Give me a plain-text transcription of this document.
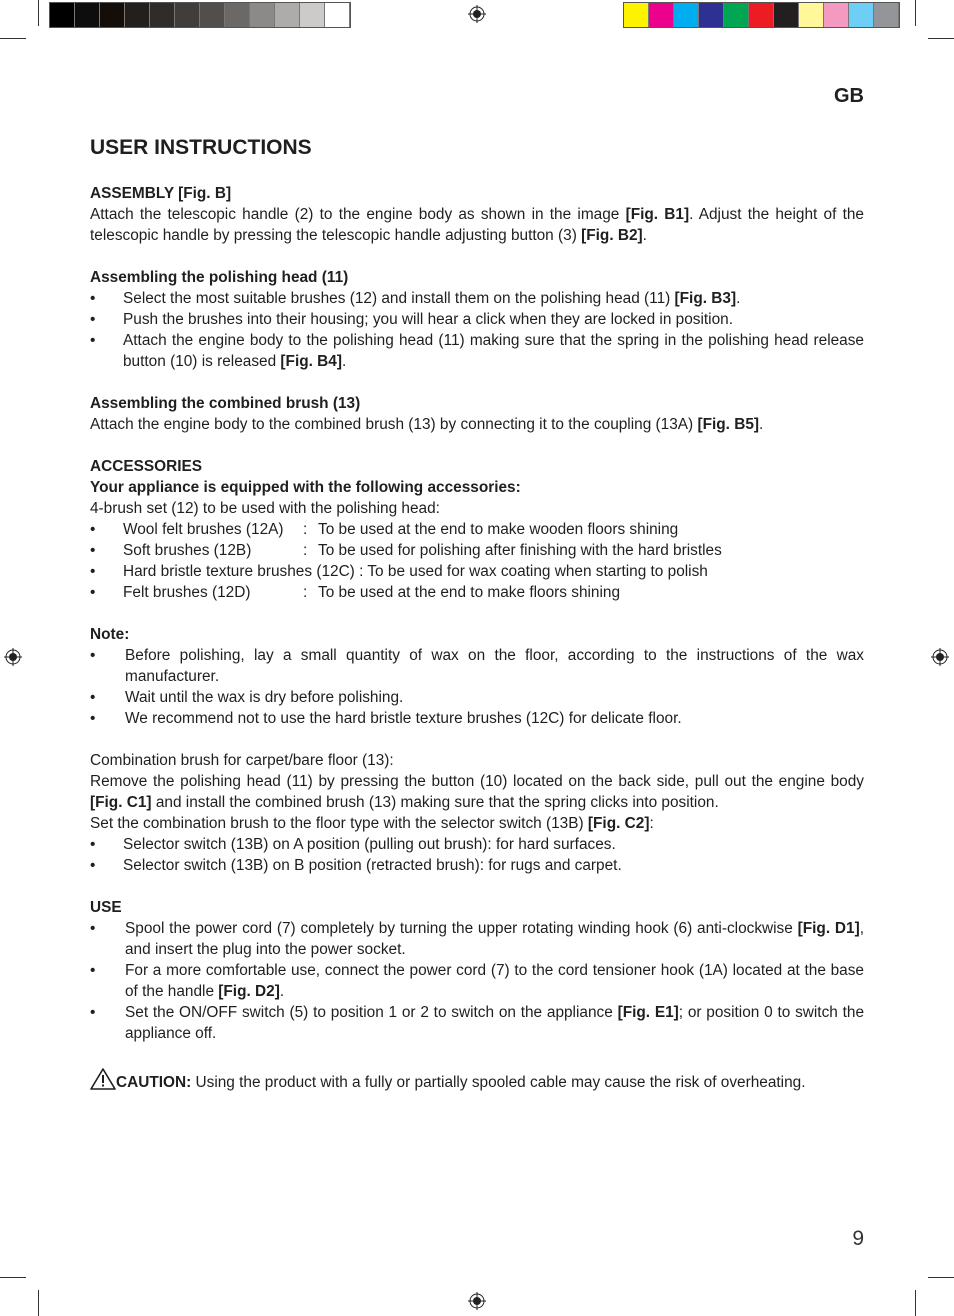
GB
USER INSTRUCTIONS

ASSEMBLY [Fig. B]

Attach the telescopic handle (2) to the engine body as shown in the image [Fig. B1]. Adjust the height of the telescopic handle by pressing the telescopic handle adjusting button (3) [Fig. B2].

Assembling the polishing head (11)

• Select the most suitable brushes (12) and install them on the polishing head (11) [Fig. B3].
• Push the brushes into their housing; you will hear a click when they are locked in position.
• Attach the engine body to the polishing head (11) making sure that the spring in the polishing head release button (10) is released [Fig. B4].

Assembling the combined brush (13)

Attach the engine body to the combined brush (13) by connecting it to the coupling (13A) [Fig. B5].

ACCESSORIES

Your appliance is equipped with the following accessories:

4-brush set (12) to be used with the polishing head:

•	Wool felt brushes (12A)	: To be used at the end to make wooden floors shining
•	Soft brushes (12B)	: To be used for polishing after finishing with the hard bristles
•	Hard bristle texture brushes (12C) : To be used for wax coating when starting to polish
•	Felt brushes (12D)	: To be used at the end to make floors shining

Note:

• Before polishing, lay a small quantity of wax on the floor, according to the instructions of the wax manufacturer.
• Wait until the wax is dry before polishing.
• We recommend not to use the hard bristle texture brushes (12C) for delicate floor.

Combination brush for carpet/bare floor (13):

Remove the polishing head (11) by pressing the button (10) located on the back side, pull out the engine body [Fig. C1] and install the combined brush (13) making sure that the spring clicks into position.

Set the combination brush to the floor type with the selector switch (13B) [Fig. C2]:

• Selector switch (13B) on A position (pulling out brush): for hard surfaces.
• Selector switch (13B) on B position (retracted brush): for rugs and carpet.

USE

• Spool the power cord (7) completely by turning the upper rotating winding hook (6) anti-clockwise [Fig. D1], and insert the plug into the power socket.
• For a more comfortable use, connect the power cord (7) to the cord tensioner hook (1A) located at the base of the handle [Fig. D2].
• Set the ON/OFF switch (5) to position 1 or 2 to switch on the appliance [Fig. E1]; or position 0 to switch the appliance off.

CAUTION: Using the product with a fully or partially spooled cable may cause the risk of overheating.

9
